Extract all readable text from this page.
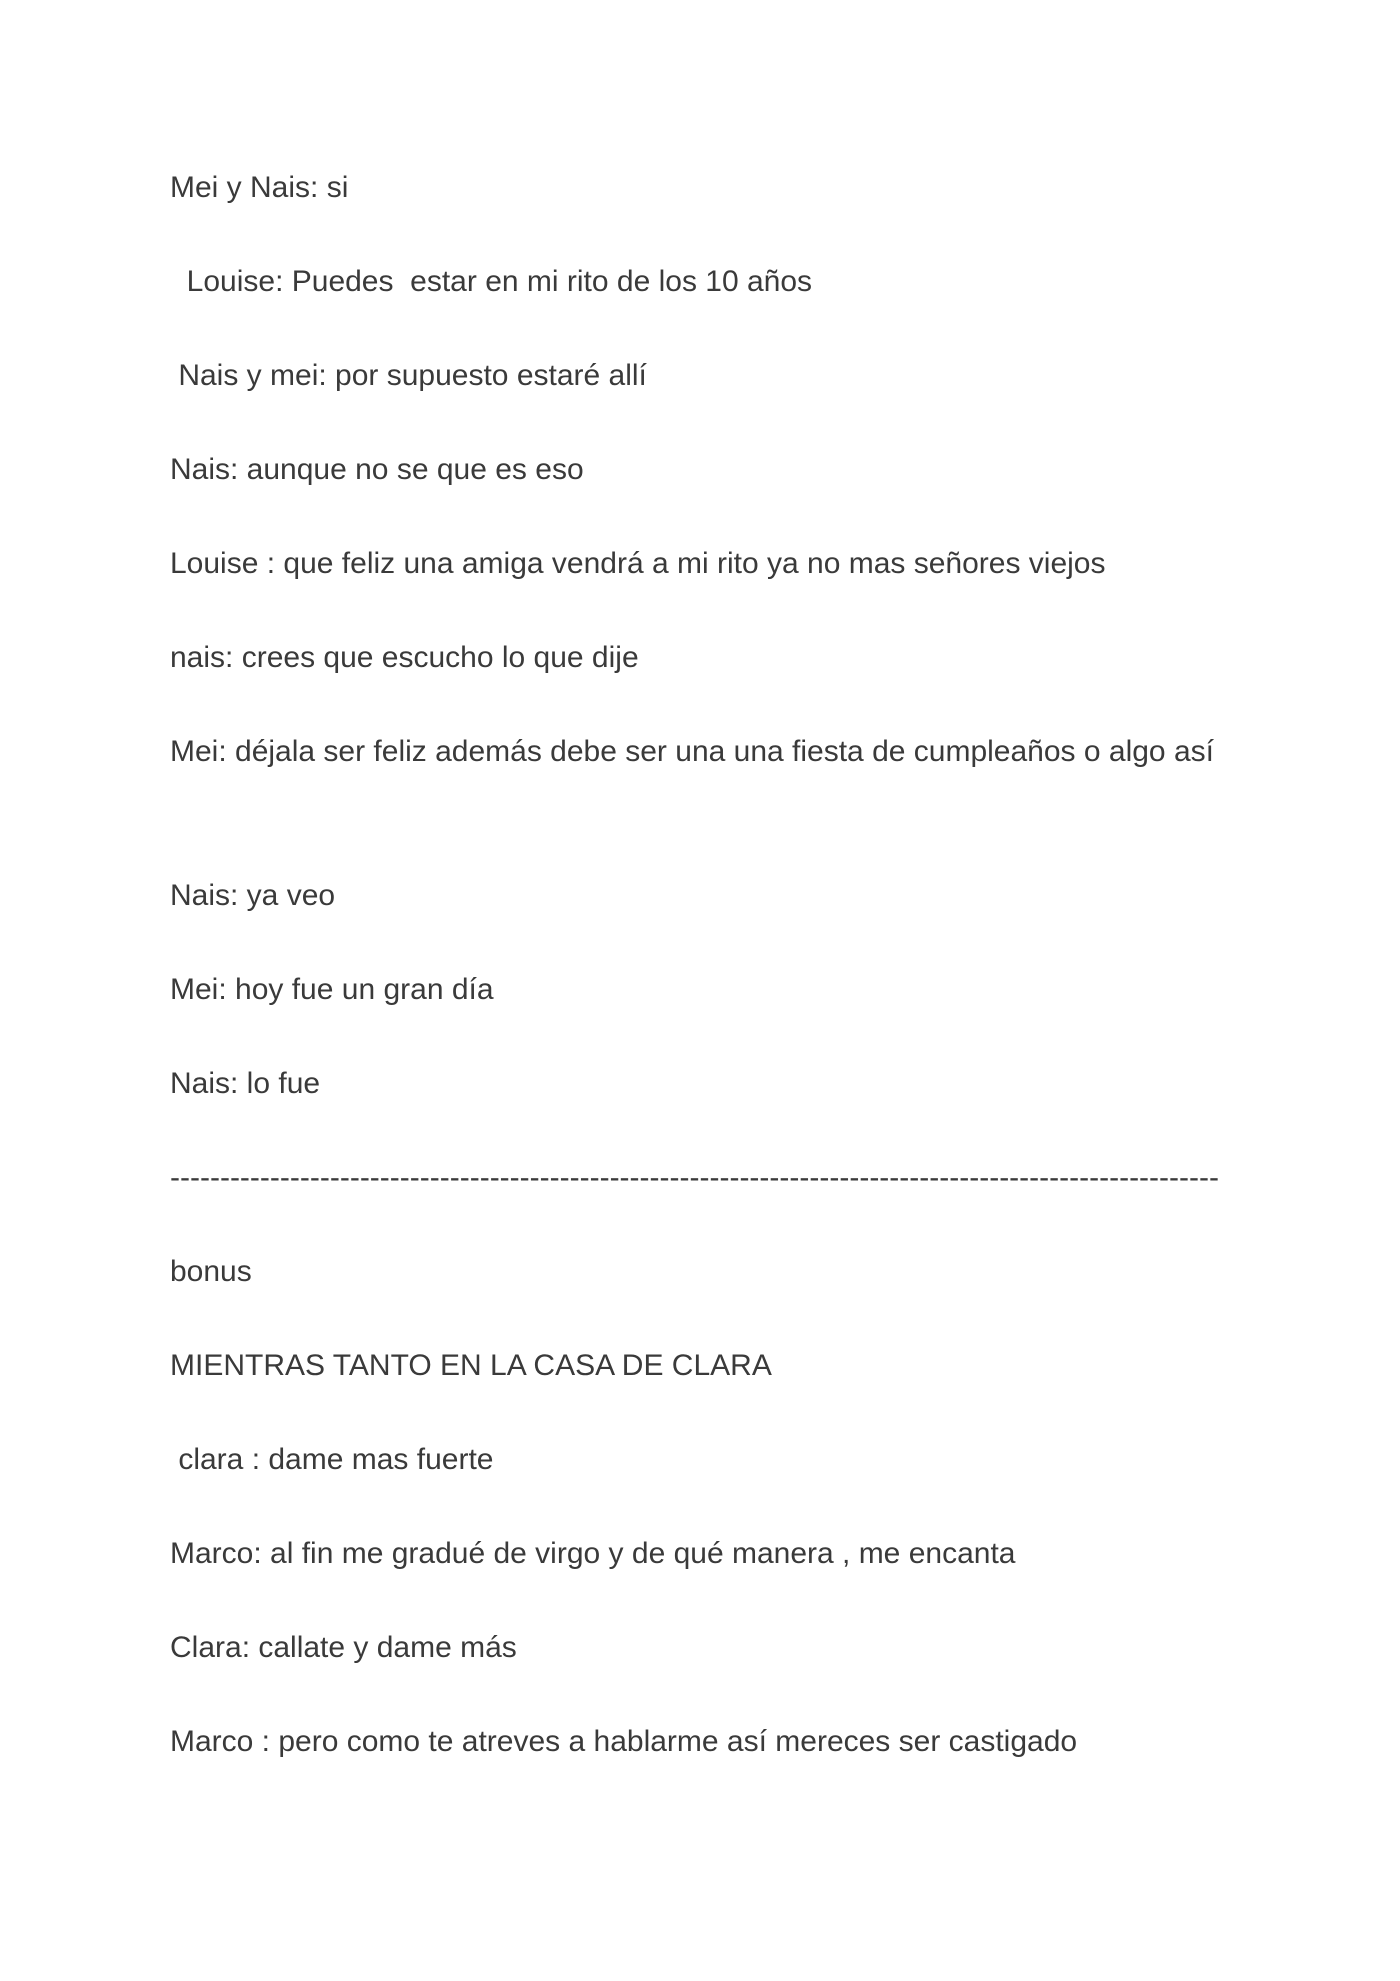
Mei y Nais: si
Louise: Puedes  estar en mi rito de los 10 años
Nais y mei: por supuesto estaré allí
Nais: aunque no se que es eso
Louise : que feliz una amiga vendrá a mi rito ya no mas señores viejos
nais: crees que escucho lo que dije
Mei: déjala ser feliz además debe ser una una fiesta de cumpleaños o algo así
Nais: ya veo
Mei: hoy fue un gran día
Nais: lo fue
---------------------------------------------------------------------------------------------------------
bonus
MIENTRAS TANTO EN LA CASA DE CLARA
clara : dame mas fuerte
Marco: al fin me gradué de virgo y de qué manera , me encanta
Clara: callate y dame más
Marco : pero como te atreves a hablarme así mereces ser castigado
